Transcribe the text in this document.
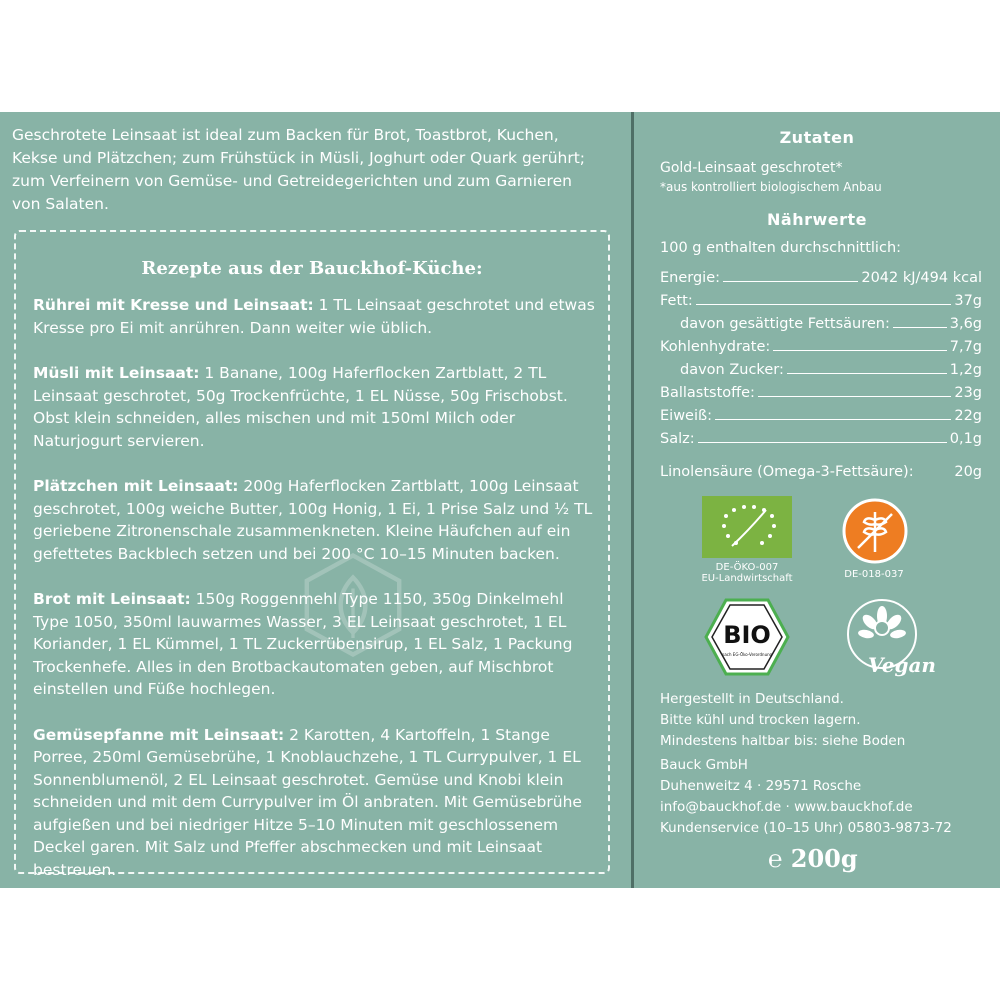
Geschrotete Leinsaat ist ideal zum Backen für Brot, Toastbrot, Kuchen, Kekse und Plätzchen; zum Frühstück in Müsli, Joghurt oder Quark gerührt; zum Verfeinern von Gemüse- und Getreidegerichten und zum Garnieren von Salaten.
Rezepte aus der Bauckhof-Küche:

Rührei mit Kresse und Leinsaat: 1 TL Leinsaat geschrotet und etwas Kresse pro Ei mit anrühren. Dann weiter wie üblich.

Müsli mit Leinsaat: 1 Banane, 100g Haferflocken Zartblatt, 2 TL Leinsaat geschrotet, 50g Trockenfrüchte, 1 EL Nüsse, 50g Frischobst. Obst klein schneiden, alles mischen und mit 150ml Milch oder Naturjogurt servieren.

Plätzchen mit Leinsaat: 200g Haferflocken Zartblatt, 100g Leinsaat geschrotet, 100g weiche Butter, 100g Honig, 1 Ei, 1 Prise Salz und ½ TL geriebene Zitronenschale zusammenkneten. Kleine Häufchen auf ein gefettetes Backblech setzen und bei 200 °C 10–15 Minuten backen.

Brot mit Leinsaat: 150g Roggenmehl Type 1150, 350g Dinkelmehl Type 1050, 350ml lauwarmes Wasser, 3 EL Leinsaat geschrotet, 1 EL Koriander, 1 EL Kümmel, 1 TL Zuckerrübensirup, 1 EL Salz, 1 Packung Trockenhefe. Alles in den Brotbackautomaten geben, auf Mischbrot einstellen und Füße hochlegen.

Gemüsepfanne mit Leinsaat: 2 Karotten, 4 Kartoffeln, 1 Stange Porree, 250ml Gemüsebrühe, 1 Knoblauchzehe, 1 TL Currypulver, 1 EL Sonnenblumenöl, 2 EL Leinsaat geschrotet. Gemüse und Knobi klein schneiden und mit dem Currypulver im Öl anbraten. Mit Gemüsebrühe aufgießen und bei niedriger Hitze 5–10 Minuten mit geschlossenem Deckel garen. Mit Salz und Pfeffer abschmecken und mit Leinsaat bestreuen.

Zutaten
Gold-Leinsaat geschrotet*
*aus kontrolliert biologischem Anbau
Nährwerte
100 g enthalten durchschnittlich:
Energie:	2042 kJ/494 kcal
Fett:	37g
davon gesättigte Fettsäuren:	3,6g
Kohlenhydrate:	7,7g
davon Zucker:	1,2g
Ballaststoffe:	23g
Eiweiß:	22g
Salz:	0,1g
Linolensäure (Omega-3-Fettsäure):	20g
DE-ÖKO-007
EU-Landwirtschaft	DE-018-037
BIO
nach EG-Öko-Verordnung	Vegan
Hergestellt in Deutschland.
Bitte kühl und trocken lagern.
Mindestens haltbar bis: siehe Boden
Bauck GmbH
Duhenweitz 4 · 29571 Rosche
info@bauckhof.de · www.bauckhof.de
Kundenservice (10–15 Uhr) 05803-9873-72
℮ 200g
